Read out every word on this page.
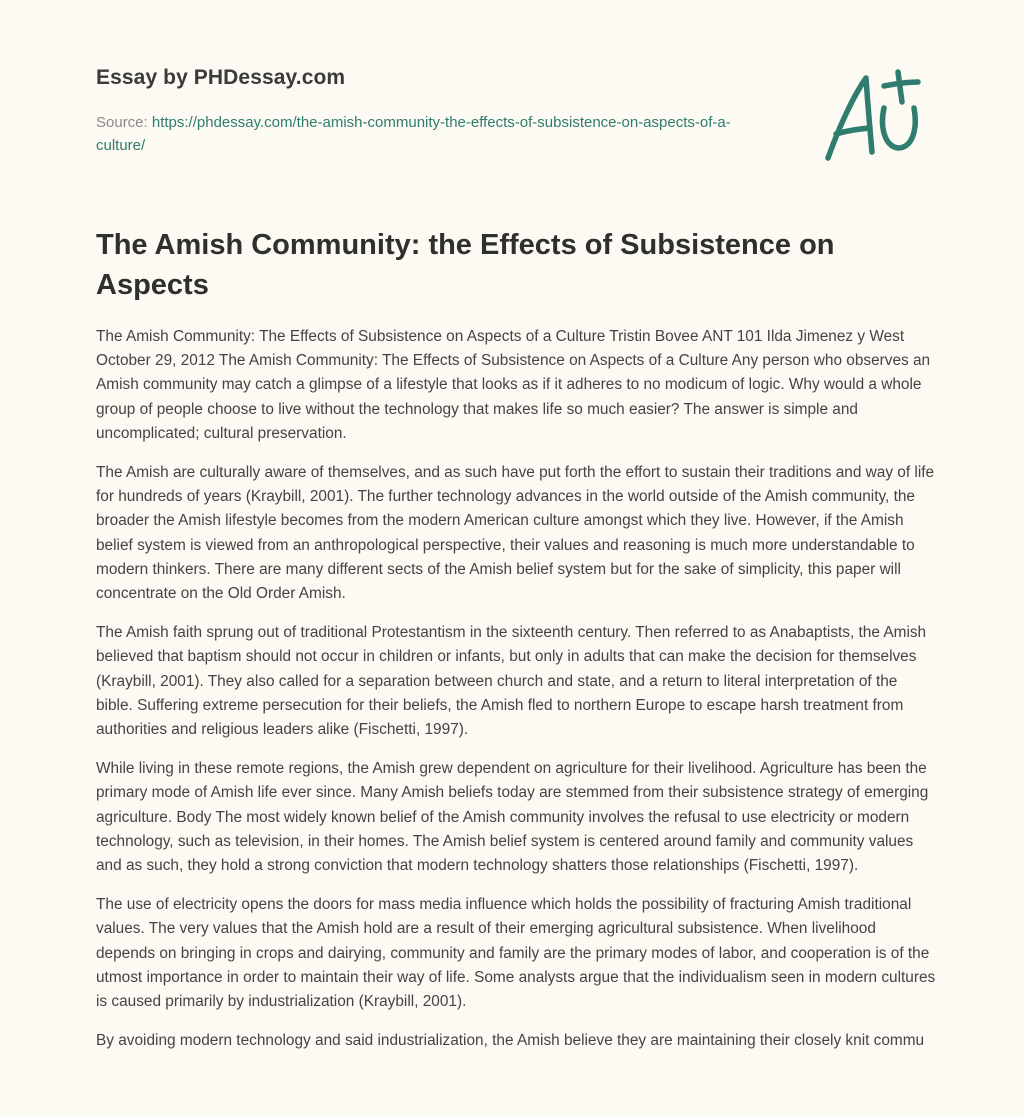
Essay by PHDessay.com
Source: https://phdessay.com/the-amish-community-the-effects-of-subsistence-on-aspects-of-a-culture/
The Amish Community: the Effects of Subsistence on Aspects

The Amish Community: The Effects of Subsistence on Aspects of a Culture Tristin Bovee ANT 101 Ilda Jimenez y West October 29, 2012 The Amish Community: The Effects of Subsistence on Aspects of a Culture Any person who observes an Amish community may catch a glimpse of a lifestyle that looks as if it adheres to no modicum of logic. Why would a whole group of people choose to live without the technology that makes life so much easier? The answer is simple and uncomplicated; cultural preservation.

The Amish are culturally aware of themselves, and as such have put forth the effort to sustain their traditions and way of life for hundreds of years (Kraybill, 2001). The further technology advances in the world outside of the Amish community, the broader the Amish lifestyle becomes from the modern American culture amongst which they live. However, if the Amish belief system is viewed from an anthropological perspective, their values and reasoning is much more understandable to modern thinkers. There are many different sects of the Amish belief system but for the sake of simplicity, this paper will concentrate on the Old Order Amish.

The Amish faith sprung out of traditional Protestantism in the sixteenth century. Then referred to as Anabaptists, the Amish believed that baptism should not occur in children or infants, but only in adults that can make the decision for themselves (Kraybill, 2001). They also called for a separation between church and state, and a return to literal interpretation of the bible. Suffering extreme persecution for their beliefs, the Amish fled to northern Europe to escape harsh treatment from authorities and religious leaders alike (Fischetti, 1997).

While living in these remote regions, the Amish grew dependent on agriculture for their livelihood. Agriculture has been the primary mode of Amish life ever since. Many Amish beliefs today are stemmed from their subsistence strategy of emerging agriculture. Body The most widely known belief of the Amish community involves the refusal to use electricity or modern technology, such as television, in their homes. The Amish belief system is centered around family and community values and as such, they hold a strong conviction that modern technology shatters those relationships (Fischetti, 1997).

The use of electricity opens the doors for mass media influence which holds the possibility of fracturing Amish traditional values. The very values that the Amish hold are a result of their emerging agricultural subsistence. When livelihood depends on bringing in crops and dairying, community and family are the primary modes of labor, and cooperation is of the utmost importance in order to maintain their way of life. Some analysts argue that the individualism seen in modern cultures is caused primarily by industrialization (Kraybill, 2001).

By avoiding modern technology and said industrialization, the Amish believe they are maintaining their closely knit commu
